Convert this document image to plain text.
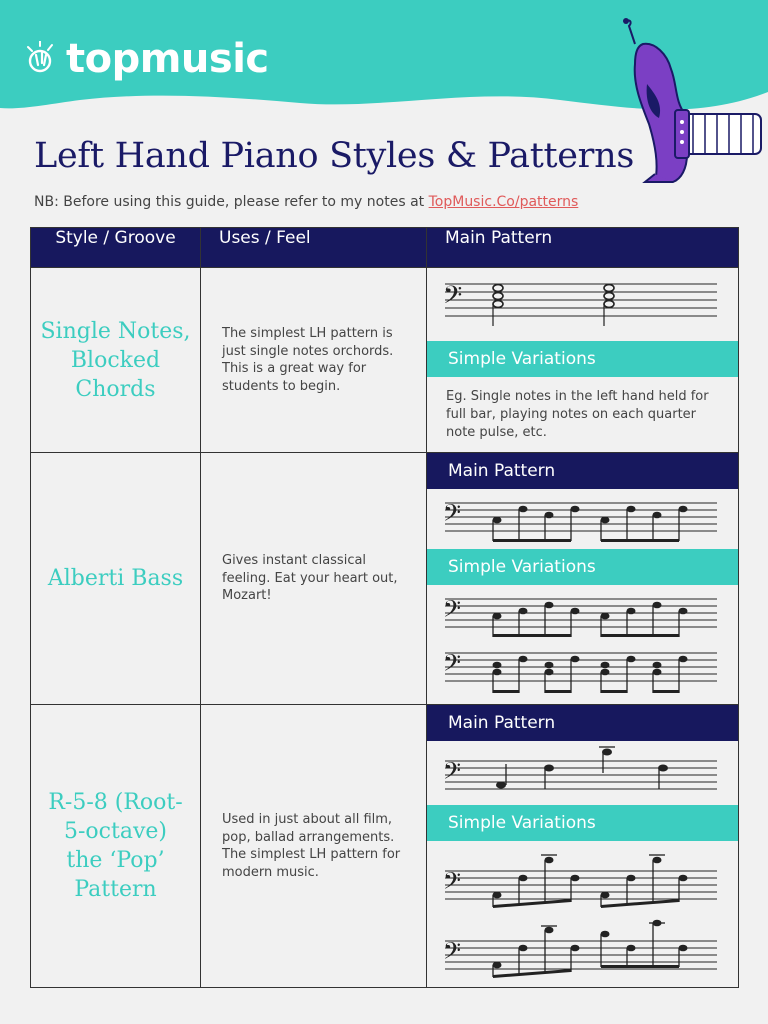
topmusic
Left Hand Piano Styles & Patterns
NB: Before using this guide, please refer to my notes at TopMusic.Co/patterns
Style / Groove	Uses / Feel	Main Pattern

Single Notes, Blocked Chords	The simplest LH pattern is just single notes orchords. This is a great way for students to begin.	𝄢
Simple Variations
Eg. Single notes in the left hand held for full bar, playing notes on each quarter note pulse, etc.

Alberti Bass	Gives instant classical feeling. Eat your heart out, Mozart!	Main Pattern
𝄢
Simple Variations
𝄢
𝄢

R-5-8 (Root-5-octave) the ‘Pop’ Pattern	Used in just about all film, pop, ballad arrangements. The simplest LH pattern for modern music.	Main Pattern
𝄢
Simple Variations
𝄢
𝄢
